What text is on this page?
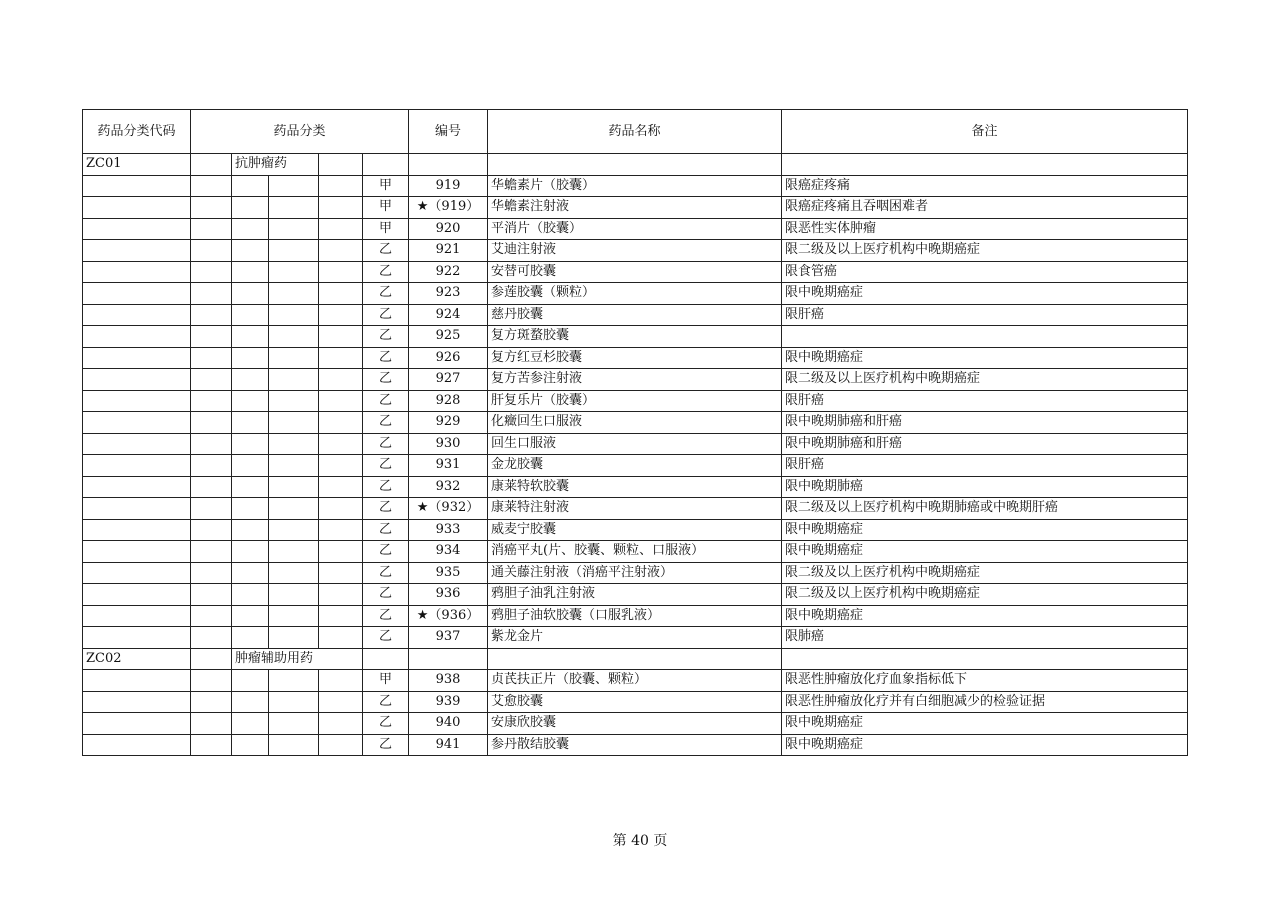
药品分类代码	药品分类					编号	药品名称	备注
ZC01		抗肿瘤药						
					甲	919	华蟾素片（胶囊）	限癌症疼痛
					甲	★（919）	华蟾素注射液	限癌症疼痛且吞咽困难者
					甲	920	平消片（胶囊）	限恶性实体肿瘤
					乙	921	艾迪注射液	限二级及以上医疗机构中晚期癌症
					乙	922	安替可胶囊	限食管癌
					乙	923	参莲胶囊（颗粒）	限中晚期癌症
					乙	924	慈丹胶囊	限肝癌
					乙	925	复方斑蝥胶囊	
					乙	926	复方红豆杉胶囊	限中晚期癌症
					乙	927	复方苦参注射液	限二级及以上医疗机构中晚期癌症
					乙	928	肝复乐片（胶囊）	限肝癌
					乙	929	化癥回生口服液	限中晚期肺癌和肝癌
					乙	930	回生口服液	限中晚期肺癌和肝癌
					乙	931	金龙胶囊	限肝癌
					乙	932	康莱特软胶囊	限中晚期肺癌
					乙	★（932）	康莱特注射液	限二级及以上医疗机构中晚期肺癌或中晚期肝癌
					乙	933	威麦宁胶囊	限中晚期癌症
					乙	934	消癌平丸(片、胶囊、颗粒、口服液）	限中晚期癌症
					乙	935	通关藤注射液（消癌平注射液）	限二级及以上医疗机构中晚期癌症
					乙	936	鸦胆子油乳注射液	限二级及以上医疗机构中晚期癌症
					乙	★（936）	鸦胆子油软胶囊（口服乳液）	限中晚期癌症
					乙	937	紫龙金片	限肺癌
ZC02		肿瘤辅助用药						
					甲	938	贞芪扶正片（胶囊、颗粒）	限恶性肿瘤放化疗血象指标低下
					乙	939	艾愈胶囊	限恶性肿瘤放化疗并有白细胞减少的检验证据
					乙	940	安康欣胶囊	限中晚期癌症
					乙	941	参丹散结胶囊	限中晚期癌症
第 40 页
